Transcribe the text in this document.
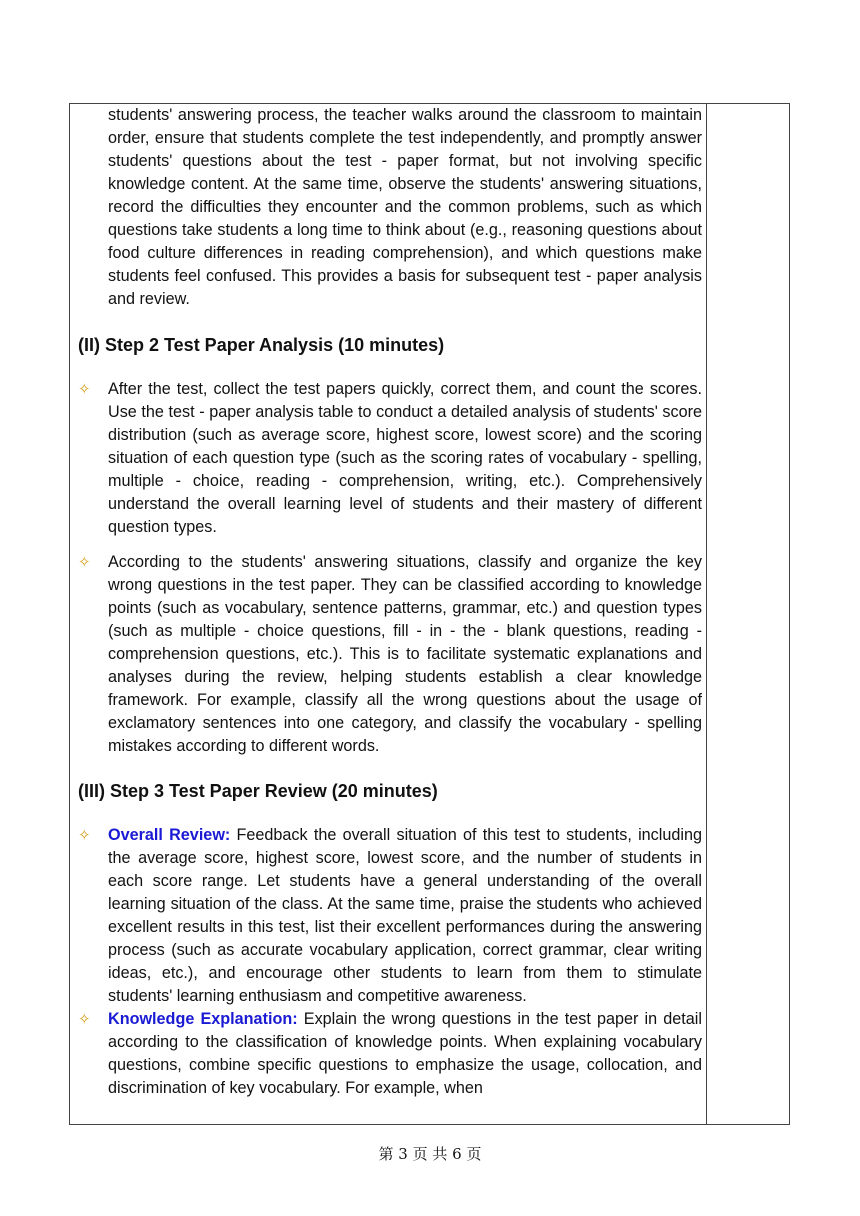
students' answering process, the teacher walks around the classroom to maintain order, ensure that students complete the test independently, and promptly answer students' questions about the test - paper format, but not involving specific knowledge content. At the same time, observe the students' answering situations, record the difficulties they encounter and the common problems, such as which questions take students a long time to think about (e.g., reasoning questions about food culture differences in reading comprehension), and which questions make students feel confused. This provides a basis for subsequent test - paper analysis and review.

(II) Step 2 Test Paper Analysis (10 minutes)
✧	After the test, collect the test papers quickly, correct them, and count the scores. Use the test - paper analysis table to conduct a detailed analysis of students' score distribution (such as average score, highest score, lowest score) and the scoring situation of each question type (such as the scoring rates of vocabulary - spelling, multiple - choice, reading - comprehension, writing, etc.). Comprehensively understand the overall learning level of students and their mastery of different question types.

✧	According to the students' answering situations, classify and organize the key wrong questions in the test paper. They can be classified according to knowledge points (such as vocabulary, sentence patterns, grammar, etc.) and question types (such as multiple - choice questions, fill - in - the - blank questions, reading - comprehension questions, etc.). This is to facilitate systematic explanations and analyses during the review, helping students establish a clear knowledge framework. For example, classify all the wrong questions about the usage of exclamatory sentences into one category, and classify the vocabulary - spelling mistakes according to different words.

(III) Step 3 Test Paper Review (20 minutes)
✧	Overall Review: Feedback the overall situation of this test to students, including the average score, highest score, lowest score, and the number of students in each score range. Let students have a general understanding of the overall learning situation of the class. At the same time, praise the students who achieved excellent results in this test, list their excellent performances during the answering process (such as accurate vocabulary application, correct grammar, clear writing ideas, etc.), and encourage other students to learn from them to stimulate students' learning enthusiasm and competitive awareness.

✧	Knowledge Explanation: Explain the wrong questions in the test paper in detail according to the classification of knowledge points. When explaining vocabulary questions, combine specific questions to emphasize the usage, collocation, and discrimination of key vocabulary. For example, when

第 3 页 共 6 页
